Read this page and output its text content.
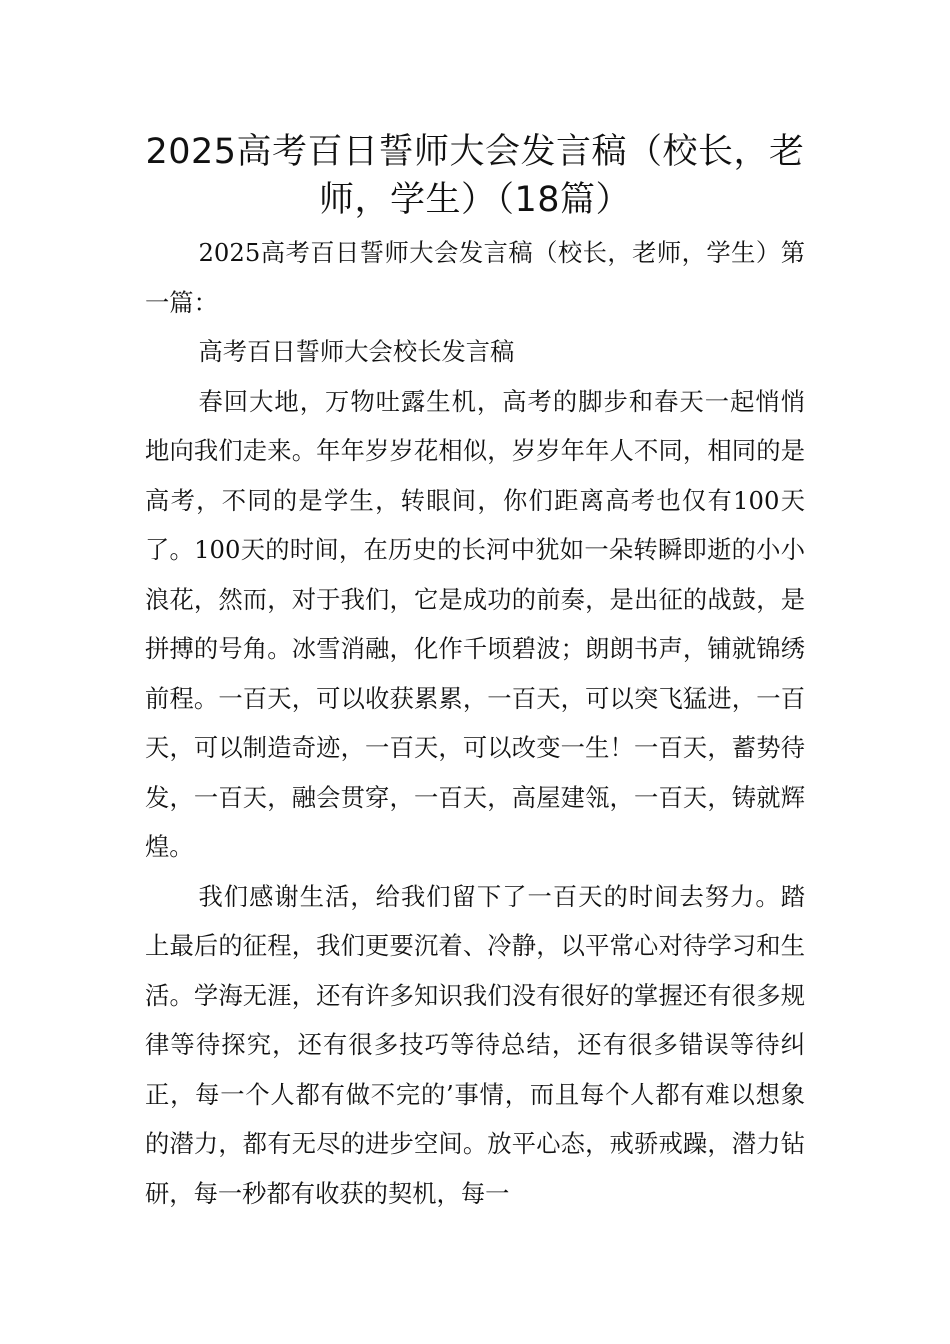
2025高考百日誓师大会发言稿（校长，老师，学生）（18篇）

2025高考百日誓师大会发言稿（校长，老师，学生）第一篇：

高考百日誓师大会校长发言稿

春回大地，万物吐露生机，高考的脚步和春天一起悄悄地向我们走来。年年岁岁花相似，岁岁年年人不同，相同的是高考，不同的是学生，转眼间，你们距离高考也仅有100天了。100天的时间，在历史的长河中犹如一朵转瞬即逝的小小浪花，然而，对于我们，它是成功的前奏，是出征的战鼓，是拼搏的号角。冰雪消融，化作千顷碧波；朗朗书声，铺就锦绣前程。一百天，可以收获累累，一百天，可以突飞猛进，一百天，可以制造奇迹，一百天，可以改变一生！一百天，蓄势待发，一百天，融会贯穿，一百天，高屋建瓴，一百天，铸就辉煌。

我们感谢生活，给我们留下了一百天的时间去努力。踏上最后的征程，我们更要沉着、冷静，以平常心对待学习和生活。学海无涯，还有许多知识我们没有很好的掌握还有很多规律等待探究，还有很多技巧等待总结，还有很多错误等待纠正，每一个人都有做不完的’事情，而且每个人都有难以想象的潜力，都有无尽的进步空间。放平心态，戒骄戒躁，潜力钻研，每一秒都有收获的契机，每一
